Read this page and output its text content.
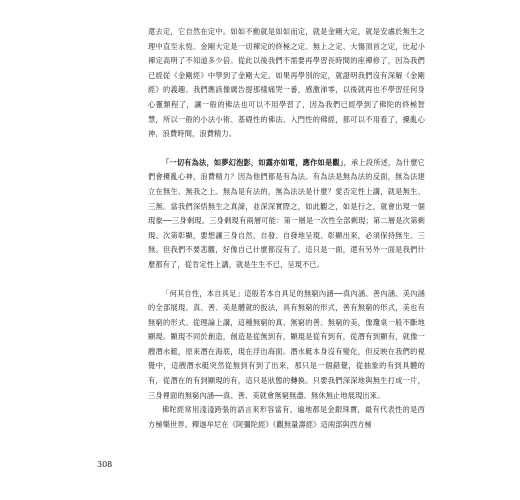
還去定，它自然在定中。如如不動就是如如而定，就是金剛大定，就是安處於無生之理中直至永恆。金剛大定是一切禪定的終極之定、無上之定、大傷頂首之定，比起小禪定高明了不知道多少倍。從此以後我們不需要再學習長時間的座禪修了，因為我們已經從《金剛經》中學到了金剛大定。如果再學別的定，就證明我們沒有深解《金剛經》的義趣。我們應該像廣告提那樣痛哭一番，感激涕零，以後就再也不學習任何身心靈類程了，讓一般的佛法也可以不用學習了，因為我們已經學到了佛陀的終極智慧，所以一般的小法小術、基礎性的佛法、入門性的佛經，都可以不用看了，擾亂心神，浪費時間，浪費精力。

「一切有為法，如夢幻泡影，如露亦如電，應作如是觀」，承上段所述，為什麼它們會擾亂心神，浪費精力？因為他們都是有為法。有為法是無為法的反面，無為法建立在無生、無我之上。無為是有法的，無為法法是什麼？愛否定性上講，就是無生、三無。當我們深悟無生之真諦，並深深實際之，如此觀之，如是行之，就會出現一個現象──三身剩現。三身剩現有兩層可能：第一層是一次性全部剩現；第二層是次第剩現、次第彰顯，要想讓三身自然、自發、自發地呈現、彰顯出來，必須保持無生、三無。但我們不要悲觀，好像自己什麼都沒有了，這只是一面，還有另外一面是我們什麼都有了，從肯定性上講，就是生生不已，呈現不已。

「何其自性，本自具足」這般若本自具足的無窮內涵──真內涵、善內涵、美內涵的全部展現。真、善、美是體就的扳法，具有無窮的形式，善有無窮的形式，美也有無窮的形式。從理論上講，這種無窮的真、無窮的善、無窮的美，像瓊桌一般不斷地顯現。顯現不同於創造，創造是從無到有，顯現是從有到有，從潛有到顯有，就像一艘潛水艇，原來潛在海底，現在浮出海面。潛水艇本身沒有變化，但反映在我們的視覺中，這艘潛水艇突然從無到有到了出來，那只是一個錯覺，從抽象的有到具體的有，從潛在的有到顯現的有，這只是狀態的轉換。只要我們深深地與無生打成一片，三身裡面的無窮內涵──真、善、美就會無窮無盡、無休無止地展現出來。

佛陀經常用淺淺跨張的語言來形容當有，遍地都是金銀珠寶，最有代表性的是西方極樂世界。釋迦牟尼在《阿彌陀經》《觀無量壽經》這兩部與西方極

308
